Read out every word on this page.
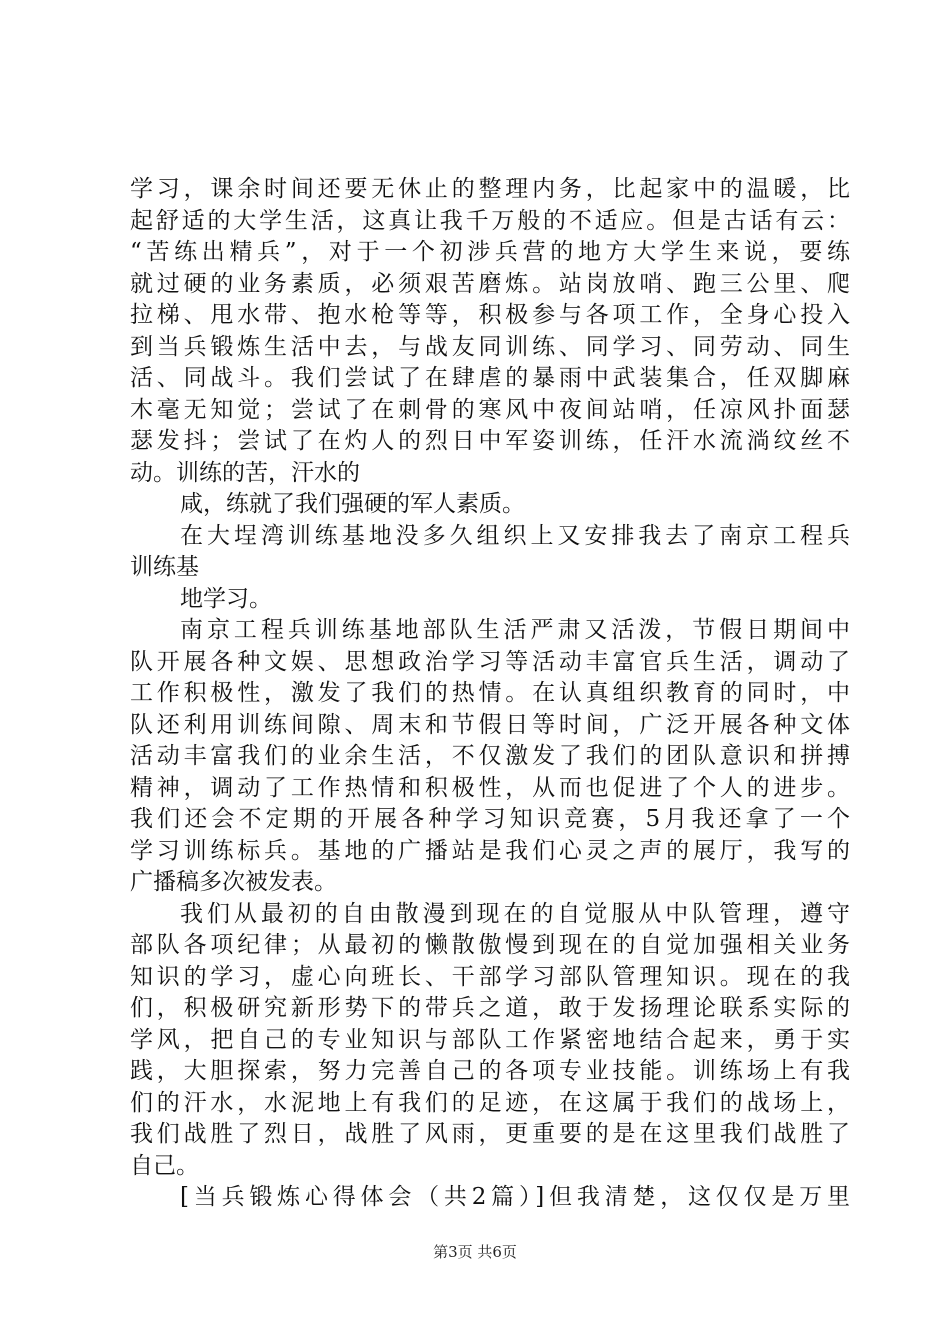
学习，课余时间还要无休止的整理内务，比起家中的温暖，比
起舒适的大学生活，这真让我千万般的不适应。但是古话有云：
“苦练出精兵”，对于一个初涉兵营的地方大学生来说，要练
就过硬的业务素质，必须艰苦磨炼。站岗放哨、跑三公里、爬
拉梯、甩水带、抱水枪等等，积极参与各项工作，全身心投入
到当兵锻炼生活中去，与战友同训练、同学习、同劳动、同生
活、同战斗。我们尝试了在肆虐的暴雨中武装集合，任双脚麻
木毫无知觉；尝试了在刺骨的寒风中夜间站哨，任凉风扑面瑟
瑟发抖；尝试了在灼人的烈日中军姿训练，任汗水流淌纹丝不
动。训练的苦，汗水的
咸，练就了我们强硬的军人素质。
在大埕湾训练基地没多久组织上又安排我去了南京工程兵
训练基
地学习。
南京工程兵训练基地部队生活严肃又活泼，节假日期间中
队开展各种文娱、思想政治学习等活动丰富官兵生活，调动了
工作积极性，激发了我们的热情。在认真组织教育的同时，中
队还利用训练间隙、周末和节假日等时间，广泛开展各种文体
活动丰富我们的业余生活，不仅激发了我们的团队意识和拼搏
精神，调动了工作热情和积极性，从而也促进了个人的进步。
我们还会不定期的开展各种学习知识竞赛，5月我还拿了一个
学习训练标兵。基地的广播站是我们心灵之声的展厅，我写的
广播稿多次被发表。
我们从最初的自由散漫到现在的自觉服从中队管理，遵守
部队各项纪律；从最初的懒散傲慢到现在的自觉加强相关业务
知识的学习，虚心向班长、干部学习部队管理知识。现在的我
们，积极研究新形势下的带兵之道，敢于发扬理论联系实际的
学风，把自己的专业知识与部队工作紧密地结合起来，勇于实
践，大胆探索，努力完善自己的各项专业技能。训练场上有我
们的汗水，水泥地上有我们的足迹，在这属于我们的战场上，
我们战胜了烈日，战胜了风雨，更重要的是在这里我们战胜了
自己。
[当兵锻炼心得体会（共2篇）]但我清楚，这仅仅是万里
第3页 共6页
